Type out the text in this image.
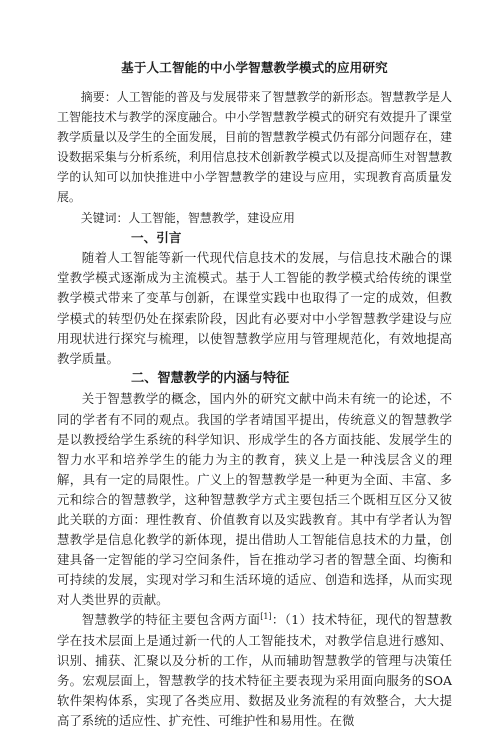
基于人工智能的中小学智慧教学模式的应用研究

摘要：人工智能的普及与发展带来了智慧教学的新形态。智慧教学是人工智能技术与教学的深度融合。中小学智慧教学模式的研究有效提升了课堂教学质量以及学生的全面发展，目前的智慧教学模式仍有部分问题存在，建设数据采集与分析系统，利用信息技术创新教学模式以及提高师生对智慧教学的认知可以加快推进中小学智慧教学的建设与应用，实现教育高质量发展。

关键词：人工智能，智慧教学，建设应用

一、引言

随着人工智能等新一代现代信息技术的发展，与信息技术融合的课堂教学模式逐渐成为主流模式。基于人工智能的教学模式给传统的课堂教学模式带来了变革与创新，在课堂实践中也取得了一定的成效，但教学模式的转型仍处在探索阶段，因此有必要对中小学智慧教学建设与应用现状进行探究与梳理，以使智慧教学应用与管理规范化，有效地提高教学质量。

二、智慧教学的内涵与特征

关于智慧教学的概念，国内外的研究文献中尚未有统一的论述，不同的学者有不同的观点。我国的学者靖国平提出，传统意义的智慧教学是以教授给学生系统的科学知识、形成学生的各方面技能、发展学生的智力水平和培养学生的能力为主的教育，狭义上是一种浅层含义的理解，具有一定的局限性。广义上的智慧教学是一种更为全面、丰富、多元和综合的智慧教学，这种智慧教学方式主要包括三个既相互区分又彼此关联的方面：理性教育、价值教育以及实践教育。其中有学者认为智慧教学是信息化教学的新体现，提出借助人工智能信息技术的力量，创建具备一定智能的学习空间条件，旨在推动学习者的智慧全面、均衡和可持续的发展，实现对学习和生活环境的适应、创造和选择，从而实现对人类世界的贡献。

智慧教学的特征主要包含两方面[1]：（1）技术特征，现代的智慧教学在技术层面上是通过新一代的人工智能技术，对教学信息进行感知、识别、捕获、汇聚以及分析的工作，从而辅助智慧教学的管理与决策任务。宏观层面上，智慧教学的技术特征主要表现为采用面向服务的SOA软件架构体系，实现了各类应用、数据及业务流程的有效整合，大大提高了系统的适应性、扩充性、可维护性和易用性。在微
